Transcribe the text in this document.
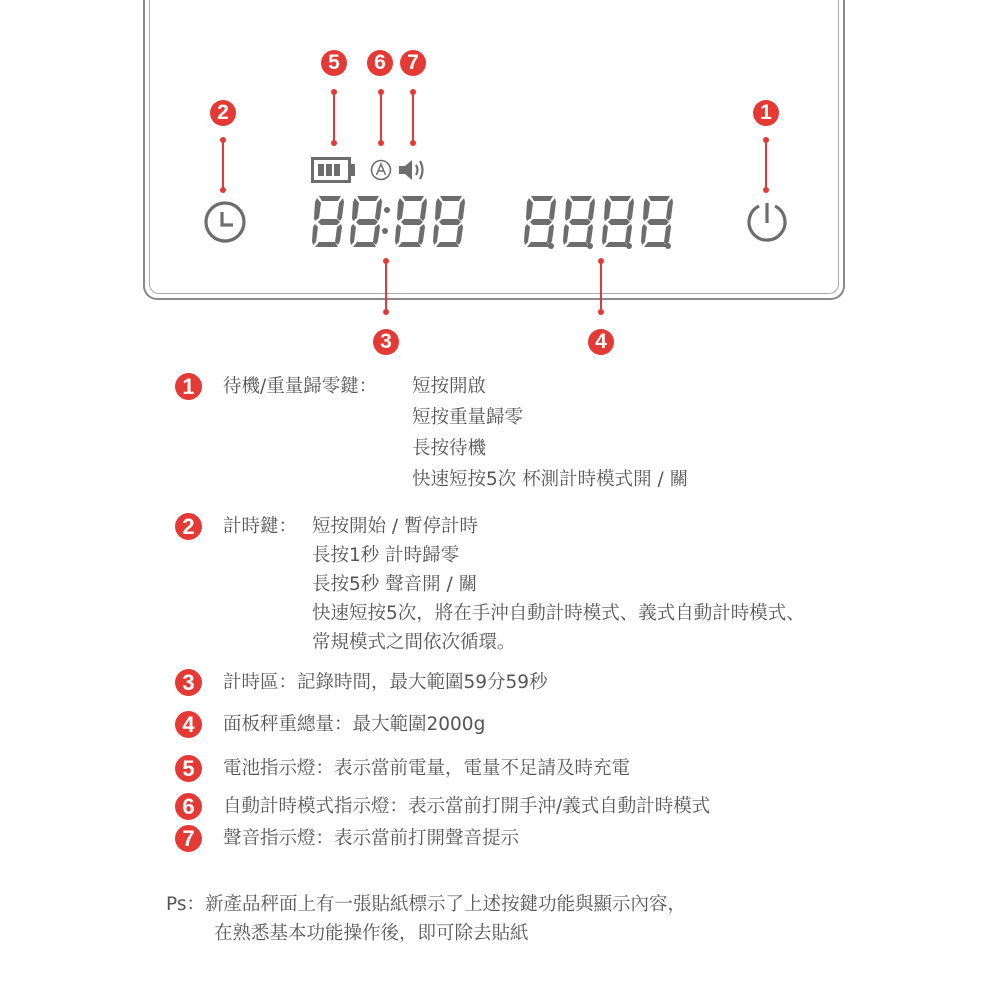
5	6	7
2	1
3	4
1	待機/重量歸零鍵： 短按開啟
短按重量歸零
長按待機
快速短按5次 杯測計時模式開 / 關
2	計時鍵： 短按開始 / 暫停計時
長按1秒 計時歸零
長按5秒 聲音開 / 關
快速短按5次，將在手沖自動計時模式、義式自動計時模式、
常規模式之間依次循環。
3	計時區：記錄時間，最大範圍59分59秒
4	面板秤重總量：最大範圍2000g
5	電池指示燈：表示當前電量，電量不足請及時充電
6	自動計時模式指示燈：表示當前打開手沖/義式自動計時模式
7	聲音指示燈：表示當前打開聲音提示
Ps：新產品秤面上有一張貼紙標示了上述按鍵功能與顯示內容，
在熟悉基本功能操作後，即可除去貼紙
